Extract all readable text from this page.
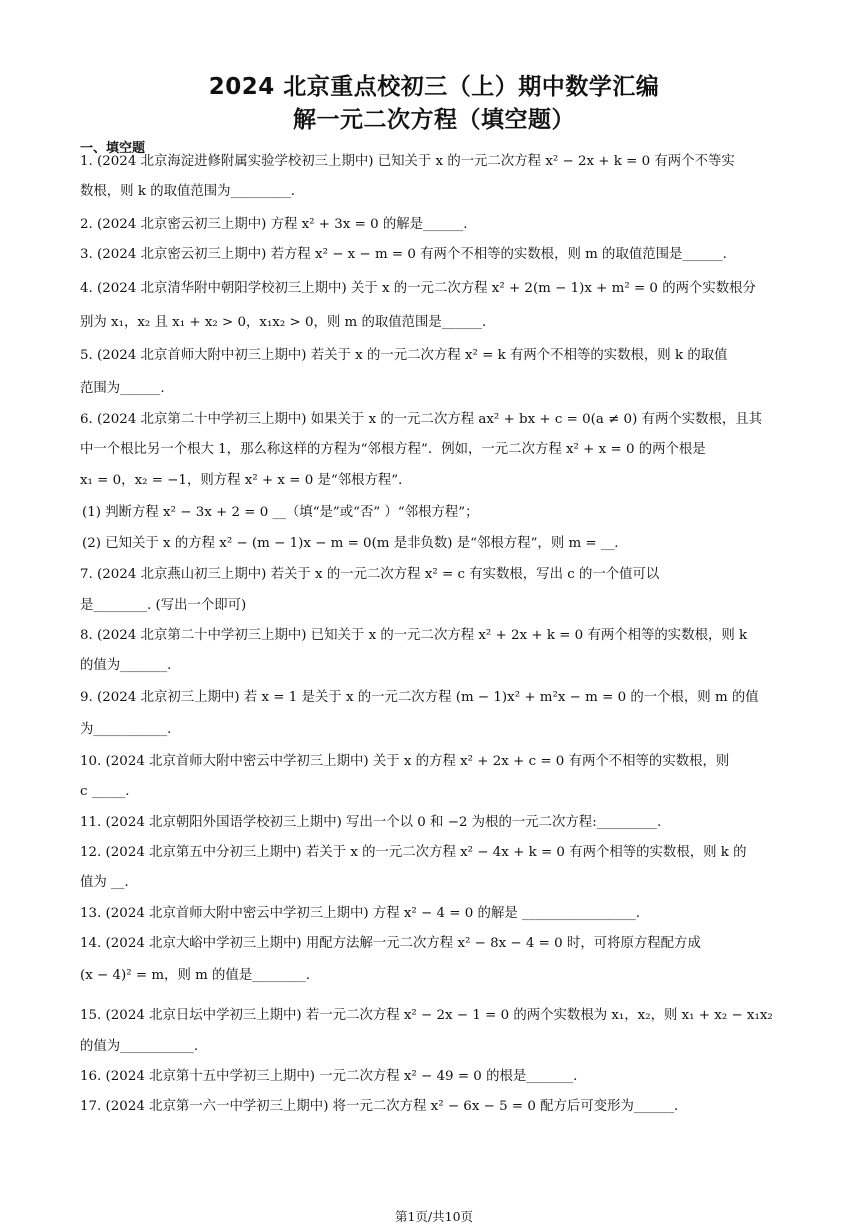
2024 北京重点校初三（上）期中数学汇编
解一元二次方程（填空题）
一、填空题
1. (2024 北京海淀进修附属实验学校初三上期中) 已知关于 x 的一元二次方程 x² − 2x + k = 0 有两个不等实
数根，则 k 的取值范围为_________.
2. (2024 北京密云初三上期中) 方程 x² + 3x = 0 的解是______.
3. (2024 北京密云初三上期中) 若方程 x² − x − m = 0 有两个不相等的实数根，则 m 的取值范围是______.
4. (2024 北京清华附中朝阳学校初三上期中) 关于 x 的一元二次方程 x² + 2(m − 1)x + m² = 0 的两个实数根分
别为 x₁，x₂ 且 x₁ + x₂ > 0，x₁x₂ > 0，则 m 的取值范围是______.
5. (2024 北京首师大附中初三上期中) 若关于 x 的一元二次方程 x² = k 有两个不相等的实数根，则 k 的取值
范围为______.
6. (2024 北京第二十中学初三上期中) 如果关于 x 的一元二次方程 ax² + bx + c = 0(a ≠ 0) 有两个实数根，且其
中一个根比另一个根大 1，那么称这样的方程为“邻根方程”．例如，一元二次方程 x² + x = 0 的两个根是
x₁ = 0，x₂ = −1，则方程 x² + x = 0 是“邻根方程”．
(1) 判断方程 x² − 3x + 2 = 0 __（填“是”或“否” ）“邻根方程”；
(2) 已知关于 x 的方程 x² − (m − 1)x − m = 0(m 是非负数) 是“邻根方程”，则 m = __.
7. (2024 北京燕山初三上期中) 若关于 x 的一元二次方程 x² = c 有实数根，写出 c 的一个值可以
是________. (写出一个即可)
8. (2024 北京第二十中学初三上期中) 已知关于 x 的一元二次方程 x² + 2x + k = 0 有两个相等的实数根，则 k
的值为_______.
9. (2024 北京初三上期中) 若 x = 1 是关于 x 的一元二次方程 (m − 1)x² + m²x − m = 0 的一个根，则 m 的值
为___________.
10. (2024 北京首师大附中密云中学初三上期中) 关于 x 的方程 x² + 2x + c = 0 有两个不相等的实数根，则
c _____.
11. (2024 北京朝阳外国语学校初三上期中) 写出一个以 0 和 −2 为根的一元二次方程:_________.
12. (2024 北京第五中分初三上期中) 若关于 x 的一元二次方程 x² − 4x + k = 0 有两个相等的实数根，则 k 的
值为 __.
13. (2024 北京首师大附中密云中学初三上期中) 方程 x² − 4 = 0 的解是 _________________.
14. (2024 北京大峪中学初三上期中) 用配方法解一元二次方程 x² − 8x − 4 = 0 时，可将原方程配方成
(x − 4)² = m，则 m 的值是________.
15. (2024 北京日坛中学初三上期中) 若一元二次方程 x² − 2x − 1 = 0 的两个实数根为 x₁，x₂，则 x₁ + x₂ − x₁x₂
的值为___________.
16. (2024 北京第十五中学初三上期中) 一元二次方程 x² − 49 = 0 的根是_______.
17. (2024 北京第一六一中学初三上期中) 将一元二次方程 x² − 6x − 5 = 0 配方后可变形为______.
第1页/共10页
